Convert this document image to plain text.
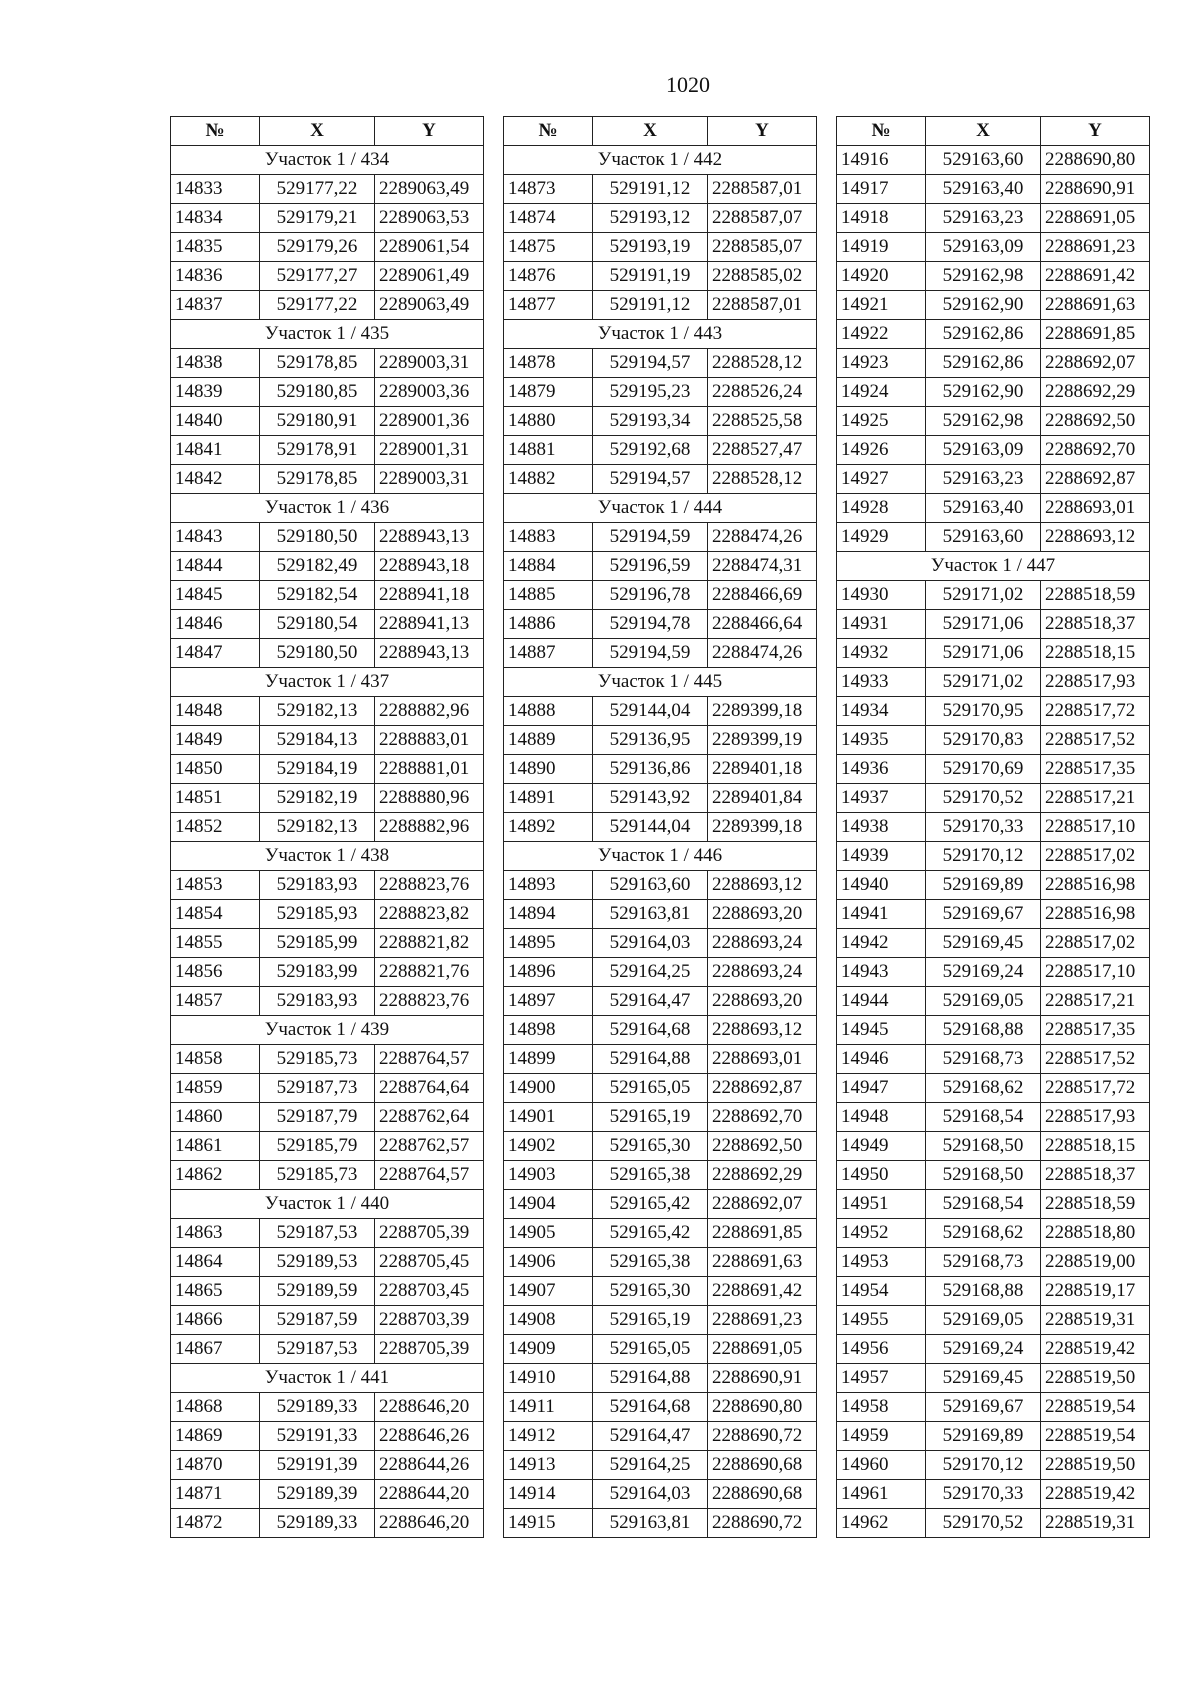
1020
№	X	Y
Участок 1 / 434		
14833	529177,22	2289063,49
14834	529179,21	2289063,53
14835	529179,26	2289061,54
14836	529177,27	2289061,49
14837	529177,22	2289063,49
Участок 1 / 435		
14838	529178,85	2289003,31
14839	529180,85	2289003,36
14840	529180,91	2289001,36
14841	529178,91	2289001,31
14842	529178,85	2289003,31
Участок 1 / 436		
14843	529180,50	2288943,13
14844	529182,49	2288943,18
14845	529182,54	2288941,18
14846	529180,54	2288941,13
14847	529180,50	2288943,13
Участок 1 / 437		
14848	529182,13	2288882,96
14849	529184,13	2288883,01
14850	529184,19	2288881,01
14851	529182,19	2288880,96
14852	529182,13	2288882,96
Участок 1 / 438		
14853	529183,93	2288823,76
14854	529185,93	2288823,82
14855	529185,99	2288821,82
14856	529183,99	2288821,76
14857	529183,93	2288823,76
Участок 1 / 439		
14858	529185,73	2288764,57
14859	529187,73	2288764,64
14860	529187,79	2288762,64
14861	529185,79	2288762,57
14862	529185,73	2288764,57
Участок 1 / 440		
14863	529187,53	2288705,39
14864	529189,53	2288705,45
14865	529189,59	2288703,45
14866	529187,59	2288703,39
14867	529187,53	2288705,39
Участок 1 / 441		
14868	529189,33	2288646,20
14869	529191,33	2288646,26
14870	529191,39	2288644,26
14871	529189,39	2288644,20
14872	529189,33	2288646,20
№	X	Y
Участок 1 / 442		
14873	529191,12	2288587,01
14874	529193,12	2288587,07
14875	529193,19	2288585,07
14876	529191,19	2288585,02
14877	529191,12	2288587,01
Участок 1 / 443		
14878	529194,57	2288528,12
14879	529195,23	2288526,24
14880	529193,34	2288525,58
14881	529192,68	2288527,47
14882	529194,57	2288528,12
Участок 1 / 444		
14883	529194,59	2288474,26
14884	529196,59	2288474,31
14885	529196,78	2288466,69
14886	529194,78	2288466,64
14887	529194,59	2288474,26
Участок 1 / 445		
14888	529144,04	2289399,18
14889	529136,95	2289399,19
14890	529136,86	2289401,18
14891	529143,92	2289401,84
14892	529144,04	2289399,18
Участок 1 / 446		
14893	529163,60	2288693,12
14894	529163,81	2288693,20
14895	529164,03	2288693,24
14896	529164,25	2288693,24
14897	529164,47	2288693,20
14898	529164,68	2288693,12
14899	529164,88	2288693,01
14900	529165,05	2288692,87
14901	529165,19	2288692,70
14902	529165,30	2288692,50
14903	529165,38	2288692,29
14904	529165,42	2288692,07
14905	529165,42	2288691,85
14906	529165,38	2288691,63
14907	529165,30	2288691,42
14908	529165,19	2288691,23
14909	529165,05	2288691,05
14910	529164,88	2288690,91
14911	529164,68	2288690,80
14912	529164,47	2288690,72
14913	529164,25	2288690,68
14914	529164,03	2288690,68
14915	529163,81	2288690,72
№	X	Y
14916	529163,60	2288690,80
14917	529163,40	2288690,91
14918	529163,23	2288691,05
14919	529163,09	2288691,23
14920	529162,98	2288691,42
14921	529162,90	2288691,63
14922	529162,86	2288691,85
14923	529162,86	2288692,07
14924	529162,90	2288692,29
14925	529162,98	2288692,50
14926	529163,09	2288692,70
14927	529163,23	2288692,87
14928	529163,40	2288693,01
14929	529163,60	2288693,12
Участок 1 / 447		
14930	529171,02	2288518,59
14931	529171,06	2288518,37
14932	529171,06	2288518,15
14933	529171,02	2288517,93
14934	529170,95	2288517,72
14935	529170,83	2288517,52
14936	529170,69	2288517,35
14937	529170,52	2288517,21
14938	529170,33	2288517,10
14939	529170,12	2288517,02
14940	529169,89	2288516,98
14941	529169,67	2288516,98
14942	529169,45	2288517,02
14943	529169,24	2288517,10
14944	529169,05	2288517,21
14945	529168,88	2288517,35
14946	529168,73	2288517,52
14947	529168,62	2288517,72
14948	529168,54	2288517,93
14949	529168,50	2288518,15
14950	529168,50	2288518,37
14951	529168,54	2288518,59
14952	529168,62	2288518,80
14953	529168,73	2288519,00
14954	529168,88	2288519,17
14955	529169,05	2288519,31
14956	529169,24	2288519,42
14957	529169,45	2288519,50
14958	529169,67	2288519,54
14959	529169,89	2288519,54
14960	529170,12	2288519,50
14961	529170,33	2288519,42
14962	529170,52	2288519,31
